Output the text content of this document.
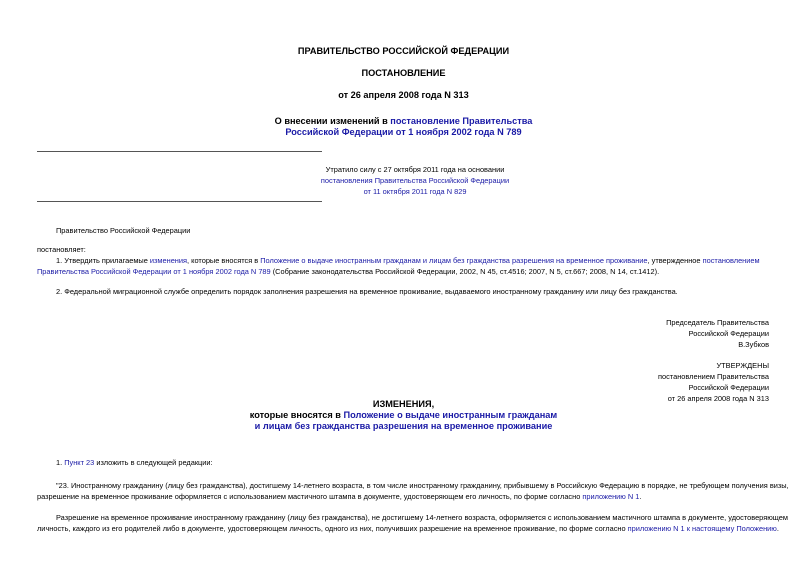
ПРАВИТЕЛЬСТВО РОССИЙСКОЙ ФЕДЕРАЦИИ
ПОСТАНОВЛЕНИЕ
от 26 апреля 2008 года N 313
О внесении изменений в постановление Правительства
Российской Федерации от 1 ноября 2002 года N 789
Утратило силу с 27 октября 2011 года на основании
постановления Правительства Российской Федерации
от 11 октября 2011 года N 829
Правительство Российской Федерации
постановляет:
1. Утвердить прилагаемые изменения, которые вносятся в Положение о выдаче иностранным гражданам и лицам без гражданства разрешения на временное проживание, утвержденное постановлением
Правительства Российской Федерации от 1 ноября 2002 года N 789 (Собрание законодательства Российской Федерации, 2002, N 45, ст.4516; 2007, N 5, ст.667; 2008, N 14, ст.1412).
2. Федеральной миграционной службе определить порядок заполнения разрешения на временное проживание, выдаваемого иностранному гражданину или лицу без гражданства.
Председатель Правительства
Российской Федерации
В.Зубков
УТВЕРЖДЕНЫ
постановлением Правительства
Российской Федерации
от 26 апреля 2008 года N 313
ИЗМЕНЕНИЯ,
которые вносятся в Положение о выдаче иностранным гражданам
и лицам без гражданства разрешения на временное проживание
1. Пункт 23 изложить в следующей редакции:
"23. Иностранному гражданину (лицу без гражданства), достигшему 14-летнего возраста, в том числе иностранному гражданину, прибывшему в Российскую Федерацию в порядке, не требующем получения визы,
разрешение на временное проживание оформляется с использованием мастичного штампа в документе, удостоверяющем его личность, по форме согласно приложению N 1.
Разрешение на временное проживание иностранному гражданину (лицу без гражданства), не достигшему 14-летнего возраста, оформляется с использованием мастичного штампа в документе, удостоверяющем
личность, каждого из его родителей либо в документе, удостоверяющем личность, одного из них, получивших разрешение на временное проживание, по форме согласно приложению N 1 к настоящему Положению.
